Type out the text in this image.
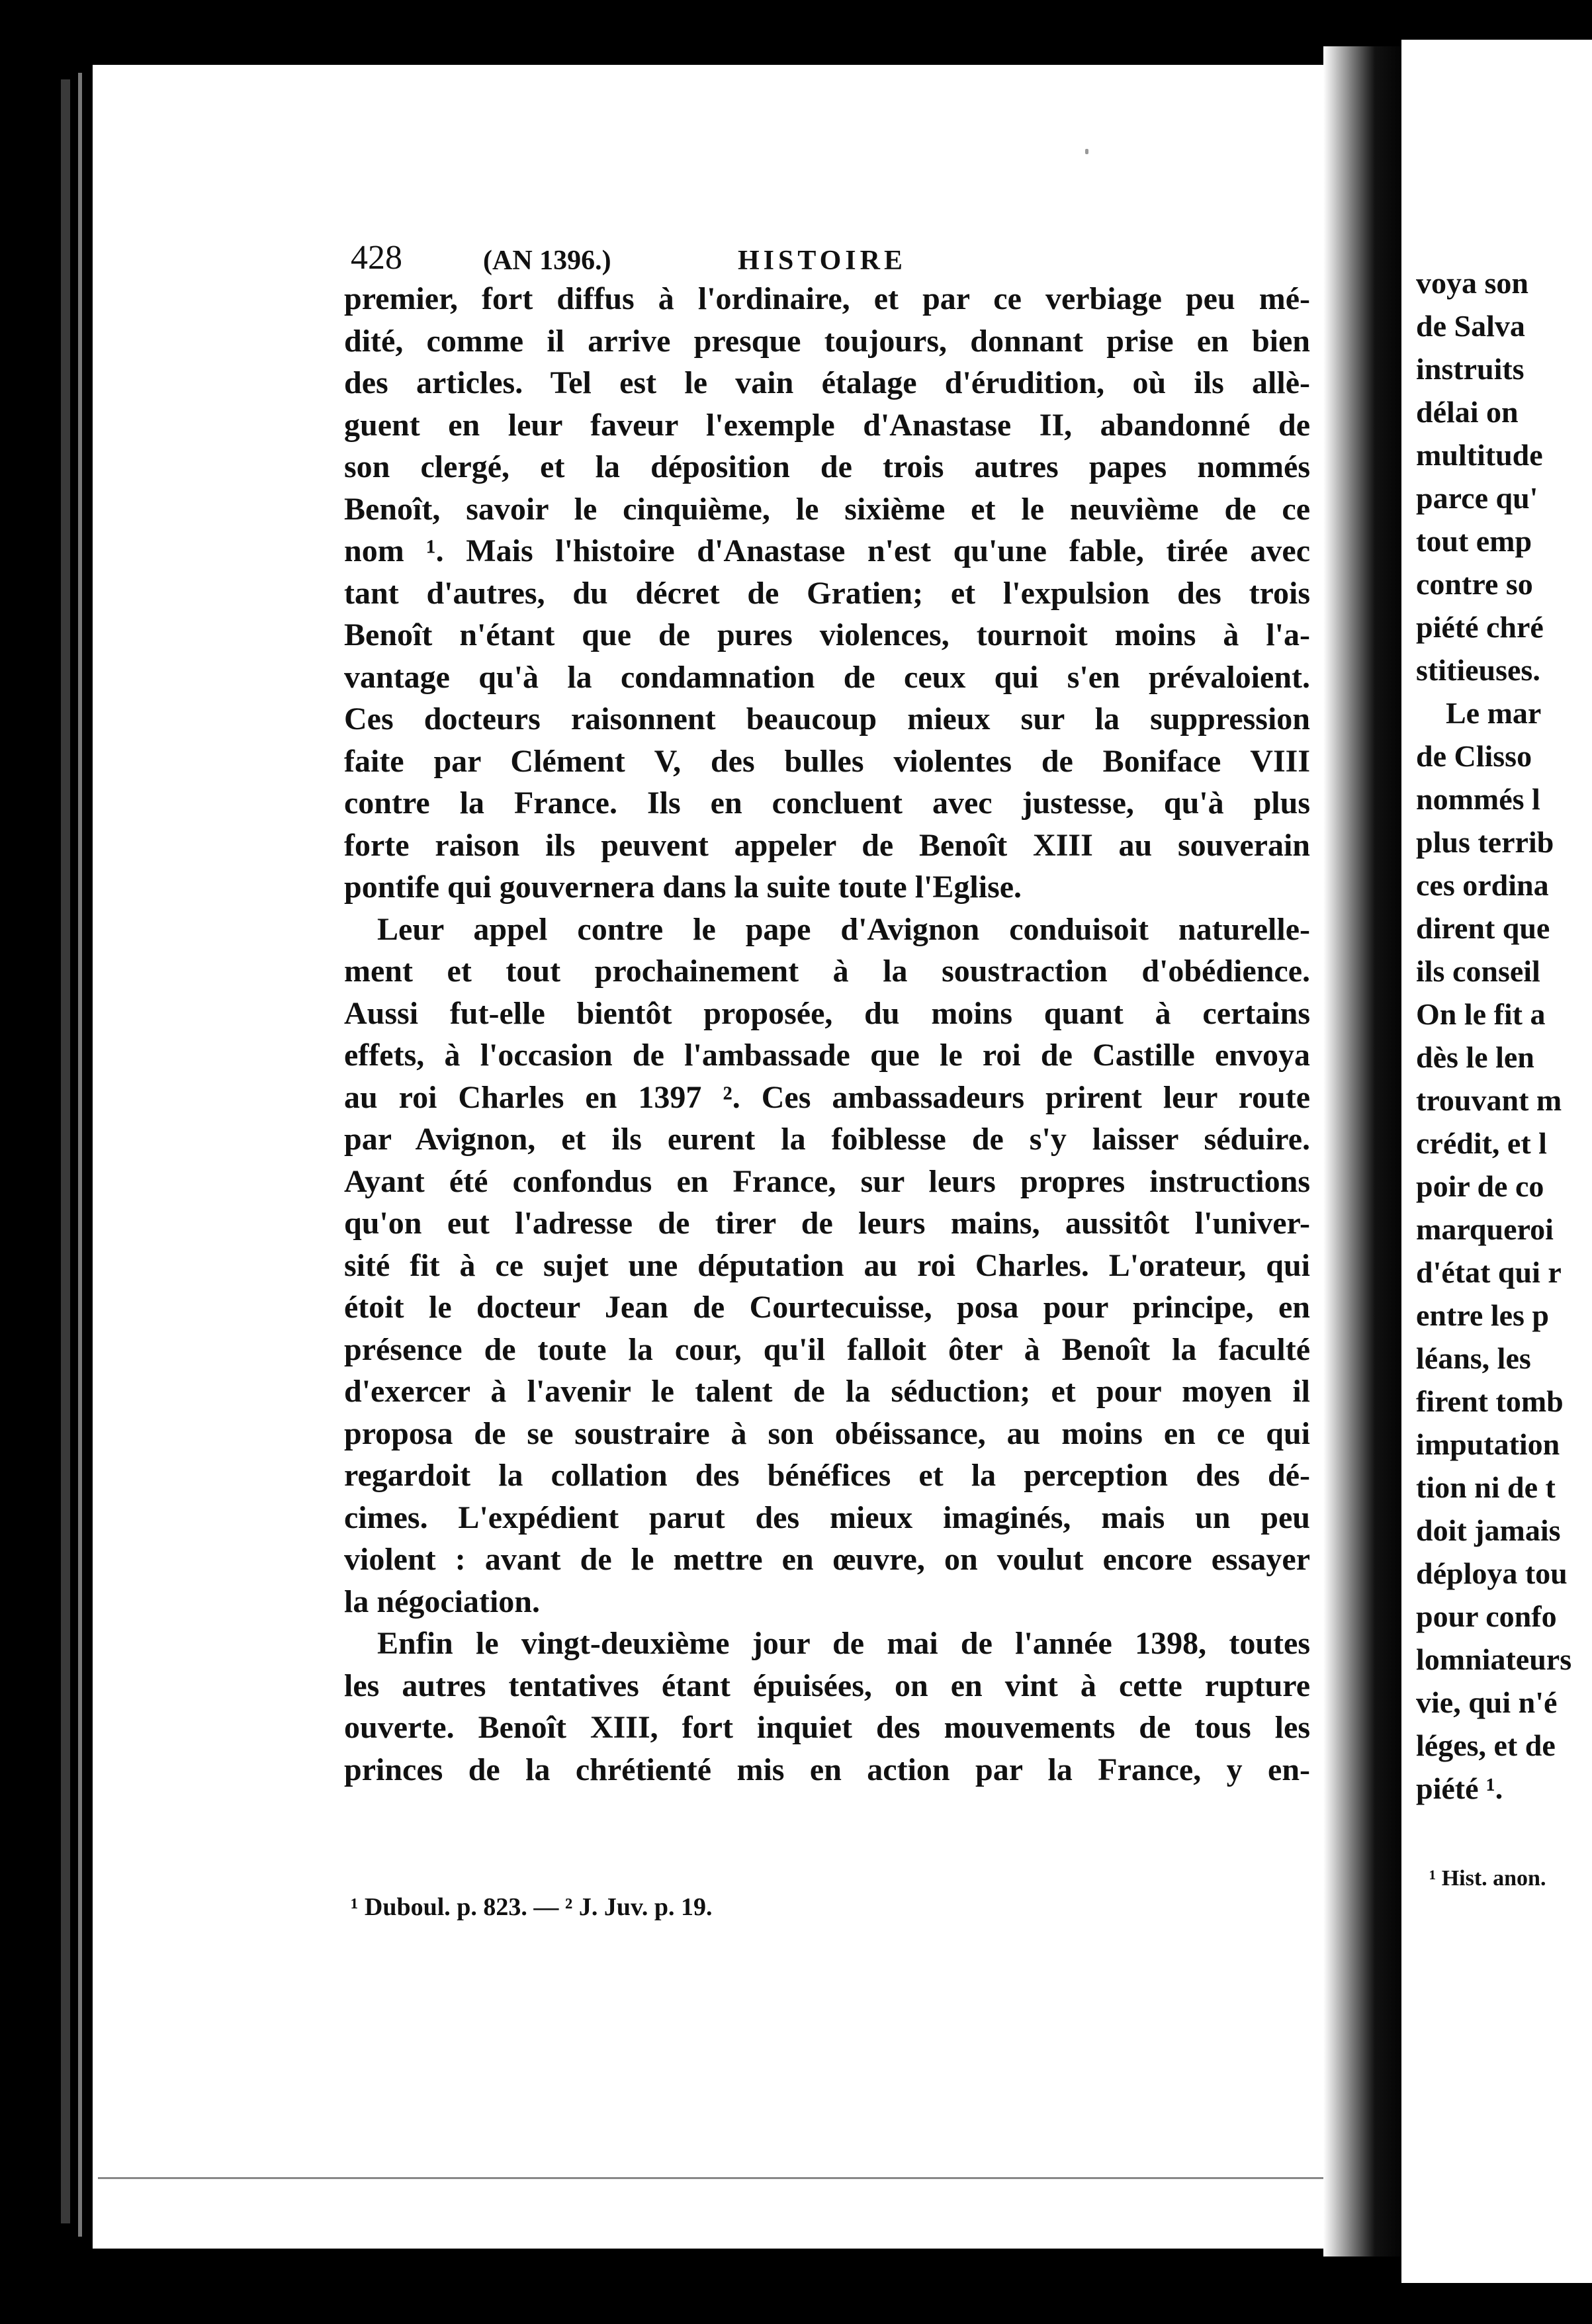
428	(AN 1396.)	HISTOIRE
premier, fort diffus à l'ordinaire, et par ce verbiage peu mé-
dité, comme il arrive presque toujours, donnant prise en bien
des articles. Tel est le vain étalage d'érudition, où ils allè-
guent en leur faveur l'exemple d'Anastase II, abandonné de
son clergé, et la déposition de trois autres papes nommés
Benoît, savoir le cinquième, le sixième et le neuvième de ce
nom ¹. Mais l'histoire d'Anastase n'est qu'une fable, tirée avec
tant d'autres, du décret de Gratien; et l'expulsion des trois
Benoît n'étant que de pures violences, tournoit moins à l'a-
vantage qu'à la condamnation de ceux qui s'en prévaloient.
Ces docteurs raisonnent beaucoup mieux sur la suppression
faite par Clément V, des bulles violentes de Boniface VIII
contre la France. Ils en concluent avec justesse, qu'à plus
forte raison ils peuvent appeler de Benoît XIII au souverain
pontife qui gouvernera dans la suite toute l'Eglise.
Leur appel contre le pape d'Avignon conduisoit naturelle-
ment et tout prochainement à la soustraction d'obédience.
Aussi fut-elle bientôt proposée, du moins quant à certains
effets, à l'occasion de l'ambassade que le roi de Castille envoya
au roi Charles en 1397 ². Ces ambassadeurs prirent leur route
par Avignon, et ils eurent la foiblesse de s'y laisser séduire.
Ayant été confondus en France, sur leurs propres instructions
qu'on eut l'adresse de tirer de leurs mains, aussitôt l'univer-
sité fit à ce sujet une députation au roi Charles. L'orateur, qui
étoit le docteur Jean de Courtecuisse, posa pour principe, en
présence de toute la cour, qu'il falloit ôter à Benoît la faculté
d'exercer à l'avenir le talent de la séduction; et pour moyen il
proposa de se soustraire à son obéissance, au moins en ce qui
regardoit la collation des bénéfices et la perception des dé-
cimes. L'expédient parut des mieux imaginés, mais un peu
violent : avant de le mettre en œuvre, on voulut encore essayer
la négociation.
Enfin le vingt-deuxième jour de mai de l'année 1398, toutes
les autres tentatives étant épuisées, on en vint à cette rupture
ouverte. Benoît XIII, fort inquiet des mouvements de tous les
princes de la chrétienté mis en action par la France, y en-
¹ Duboul. p. 823. — ² J. Juv. p. 19.
voya son
de Salva
instruits
délai on
multitude
parce qu'
tout emp
contre so
piété chré
stitieuses.
Le mar
de Clisso
nommés l
plus terrib
ces ordina
dirent que
ils conseil
On le fit a
dès le len
trouvant m
crédit, et l
poir de co
marqueroi
d'état qui r
entre les p
léans, les
firent tomb
imputation
tion ni de t
doit jamais
déploya tou
pour confo
lomniateurs
vie, qui n'é
léges, et de
piété ¹.
¹ Hist. anon.
